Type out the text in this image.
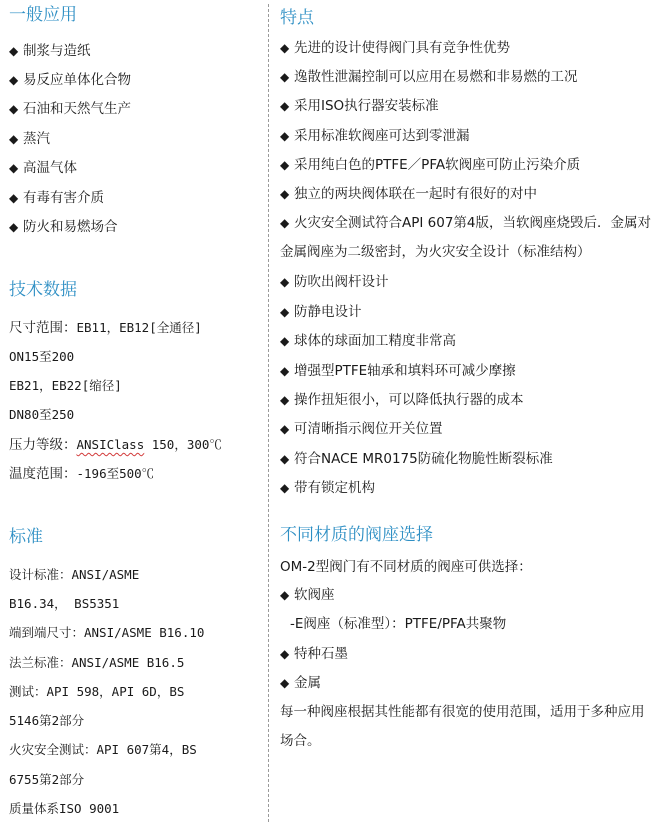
一般应用
◆ 制浆与造纸
◆ 易反应单体化合物
◆ 石油和天然气生产
◆ 蒸汽
◆ 高温气体
◆ 有毒有害介质
◆ 防火和易燃场合
技术数据
尺寸范围：EB11，EB12[全通径]
ON15至200
EB21，EB22[缩径]
DN80至250
压力等级：ANSIClass 150，300℃
温度范围：-196至500℃
标准
设计标准：ANSI/ASME
B16.34， BS5351
端到端尺寸：ANSI/ASME B16.10
法兰标准：ANSI/ASME B16.5
测试：API 598，API 6D，BS
5146第2部分
火灾安全测试：API 607第4，BS
6755第2部分
质量体系ISO 9001
特点
◆ 先进的设计使得阀门具有竞争性优势
◆ 逸散性泄漏控制可以应用在易燃和非易燃的工况
◆ 采用ISO执行器安装标准
◆ 采用标准软阀座可达到零泄漏
◆ 采用纯白色的PTFE／PFA软阀座可防止污染介质
◆ 独立的两块阀体联在一起时有很好的对中
◆ 火灾安全测试符合API 607第4版，当软阀座烧毁后．金属对金属阀座为二级密封，为火灾安全设计（标准结构）
◆ 防吹出阀杆设计
◆ 防静电设计
◆ 球体的球面加工精度非常高
◆ 增强型PTFE轴承和填料环可减少摩擦
◆ 操作扭矩很小，可以降低执行器的成本
◆ 可清晰指示阀位开关位置
◆ 符合NACE MR0175防硫化物脆性断裂标准
◆ 带有锁定机构
不同材质的阀座选择
OM-2型阀门有不同材质的阀座可供选择：
◆ 软阀座
-E阀座（标准型）：PTFE/PFA共聚物
◆ 特种石墨
◆ 金属
每一种阀座根据其性能都有很宽的使用范围，适用于多种应用场合。
